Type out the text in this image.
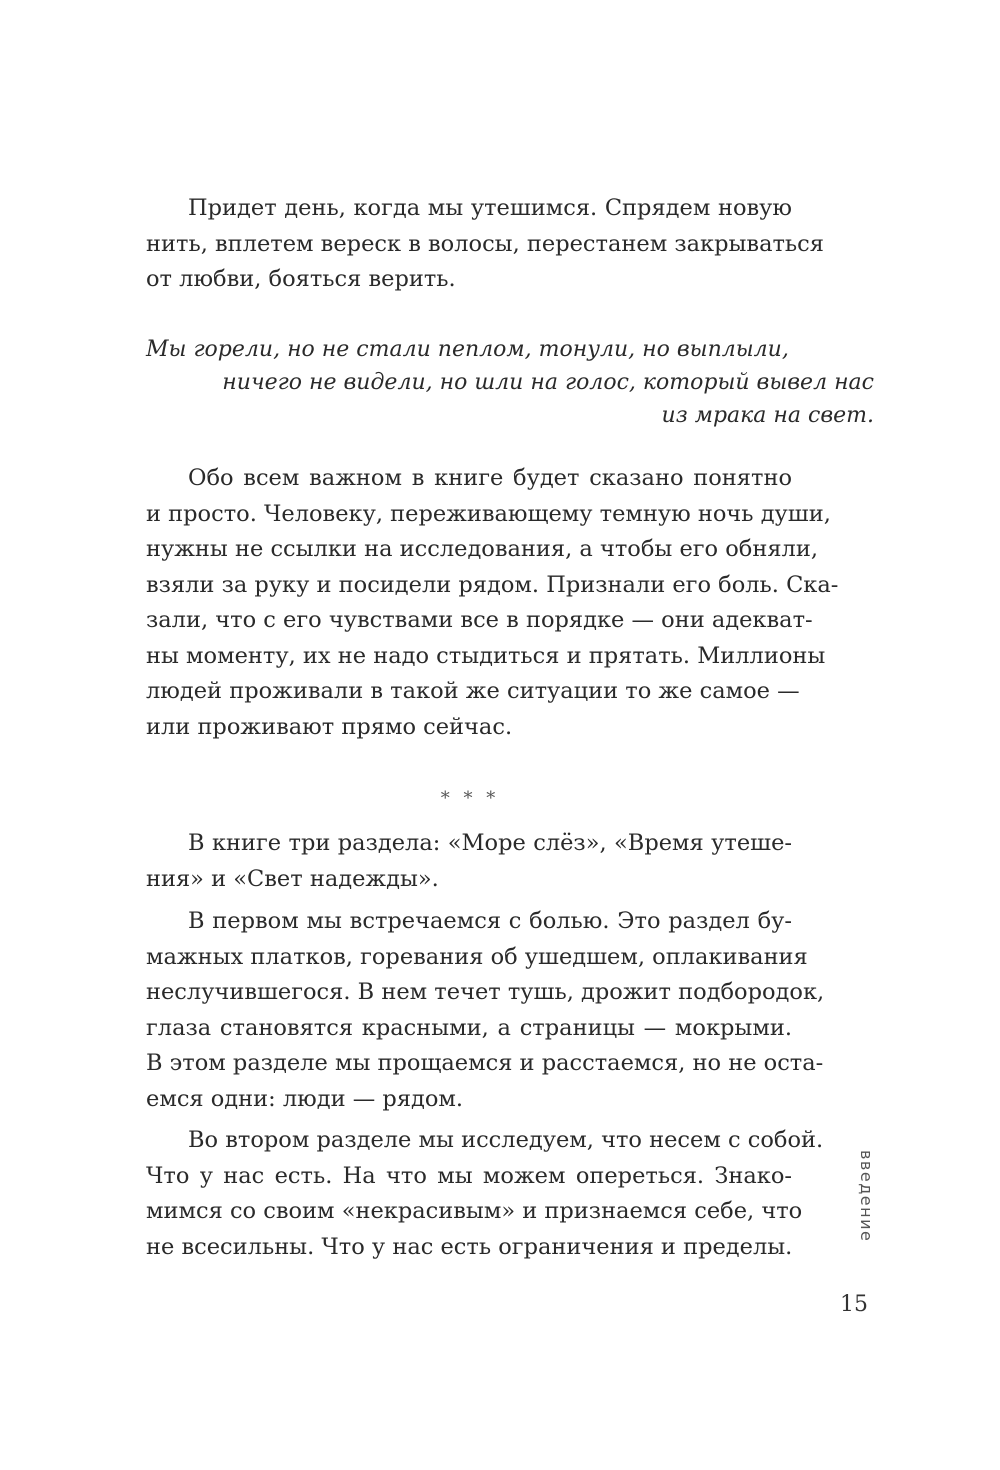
Придет день, когда мы утешимся. Спрядем новую
нить, вплетем вереск в волосы, перестанем закрываться
от любви, бояться верить.
Мы горели, но не стали пеплом, тонули, но выплыли,
ничего не видели, но шли на голос, который вывел нас
из мрака на свет.
Обо всем важном в книге будет сказано понятно
и просто. Человеку, переживающему темную ночь души,
нужны не ссылки на исследования, а чтобы его обняли,
взяли за руку и посидели рядом. Признали его боль. Ска-
зали, что с его чувствами все в порядке — они адекват-
ны моменту, их не надо стыдиться и прятать. Миллионы
людей проживали в такой же ситуации то же самое —
или проживают прямо сейчас.
* * *
В книге три раздела: «Море слёз», «Время утеше-
ния» и «Свет надежды».
В первом мы встречаемся с болью. Это раздел бу-
мажных платков, горевания об ушедшем, оплакивания
неслучившегося. В нем течет тушь, дрожит подбородок,
глаза становятся красными, а страницы — мокрыми.
В этом разделе мы прощаемся и расстаемся, но не оста-
емся одни: люди — рядом.
Во втором разделе мы исследуем, что несем с собой.
Что у нас есть. На что мы можем опереться. Знако-
мимся со своим «некрасивым» и признаемся себе, что
не всесильны. Что у нас есть ограничения и пределы.
введение
15
